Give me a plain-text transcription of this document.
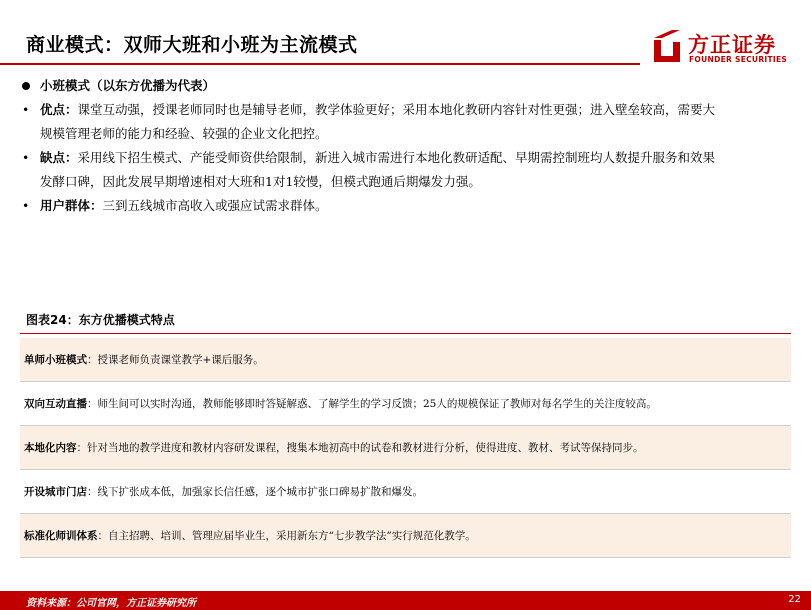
商业模式：双师大班和小班为主流模式	方正证券
FOUNDER SECURITIES
小班模式（以东方优播为代表）
• 优点：课堂互动强，授课老师同时也是辅导老师，教学体验更好；采用本地化教研内容针对性更强；进入壁垒较高，需要大
规模管理老师的能力和经验、较强的企业文化把控。
• 缺点：采用线下招生模式、产能受师资供给限制，新进入城市需进行本地化教研适配、早期需控制班均人数提升服务和效果
发酵口碑，因此发展早期增速相对大班和1对1较慢，但模式跑通后期爆发力强。
• 用户群体：三到五线城市高收入或强应试需求群体。
图表24：东方优播模式特点
单师小班模式 ：授课老师负责课堂教学+课后服务。
双向互动直播 ：师生间可以实时沟通，教师能够即时答疑解惑、了解学生的学习反馈；25人的规模保证了教师对每名学生的关注度较高。
本地化内容 ：针对当地的教学进度和教材内容研发课程，搜集本地初高中的试卷和教材进行分析，使得进度、教材、考试等保持同步。
开设城市门店 ：线下扩张成本低，加强家长信任感，逐个城市扩张口碑易扩散和爆发。
标准化师训体系 ：自主招聘、培训、管理应届毕业生，采用新东方“七步教学法”实行规范化教学。
资料来源：公司官网，方正证券研究所	22
